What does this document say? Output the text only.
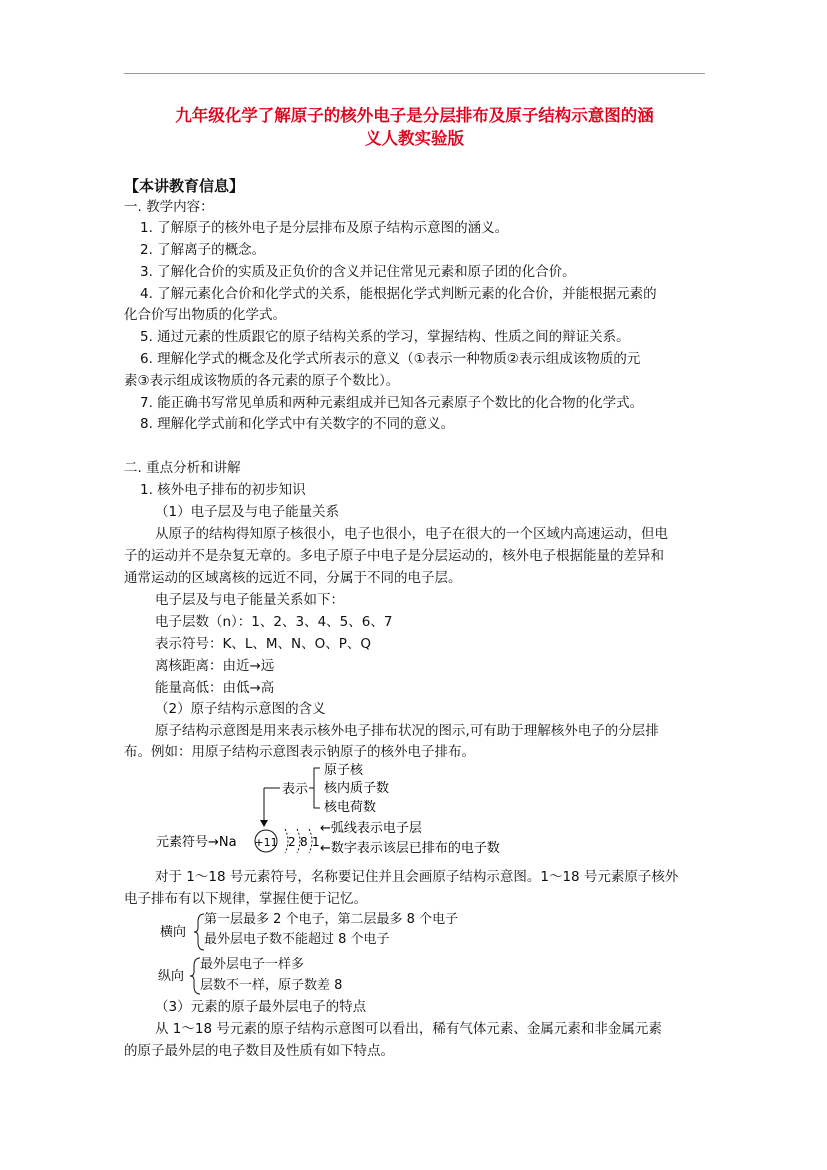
九年级化学了解原子的核外电子是分层排布及原子结构示意图的涵
义人教实验版
【本讲教育信息】
一. 教学内容：
1. 了解原子的核外电子是分层排布及原子结构示意图的涵义。
2. 了解离子的概念。
3. 了解化合价的实质及正负价的含义并记住常见元素和原子团的化合价。
4. 了解元素化合价和化学式的关系，能根据化学式判断元素的化合价，并能根据元素的
化合价写出物质的化学式。
5. 通过元素的性质跟它的原子结构关系的学习，掌握结构、性质之间的辩证关系。
6. 理解化学式的概念及化学式所表示的意义（①表示一种物质②表示组成该物质的元
素③表示组成该物质的各元素的原子个数比）。
7. 能正确书写常见单质和两种元素组成并已知各元素原子个数比的化合物的化学式。
8. 理解化学式前和化学式中有关数字的不同的意义。
二. 重点分析和讲解
1. 核外电子排布的初步知识
（1）电子层及与电子能量关系
从原子的结构得知原子核很小，电子也很小，电子在很大的一个区域内高速运动，但电
子的运动并不是杂复无章的。多电子原子中电子是分层运动的，核外电子根据能量的差异和
通常运动的区域离核的远近不同，分属于不同的电子层。
电子层及与电子能量关系如下：
电子层数（n）：1、2、3、4、5、6、7
表示符号：K、L、M、N、O、P、Q
离核距离：由近→远
能量高低：由低→高
（2）原子结构示意图的含义
原子结构示意图是用来表示核外电子排布状况的图示,可有助于理解核外电子的分层排
布。例如：用原子结构示意图表示钠原子的核外电子排布。
表示
原子核
核内质子数
核电荷数
元素符号→Na +11 2 8 1
←弧线表示电子层
←数字表示该层已排布的电子数
对于 1～18 号元素符号，名称要记住并且会画原子结构示意图。1～18 号元素原子核外
电子排布有以下规律，掌握住便于记忆。
横向
第一层最多 2 个电子，第二层最多 8 个电子
最外层电子数不能超过 8 个电子
纵向
最外层电子一样多
层数不一样，原子数差 8
（3）元素的原子最外层电子的特点
从 1～18 号元素的原子结构示意图可以看出，稀有气体元素、金属元素和非金属元素
的原子最外层的电子数目及性质有如下特点。
